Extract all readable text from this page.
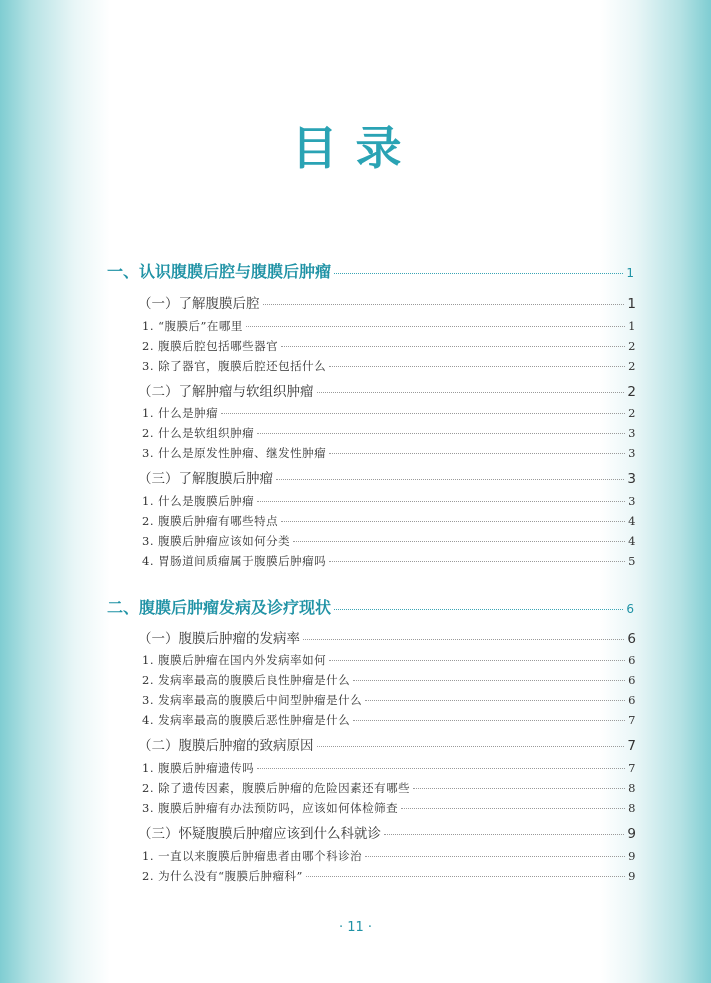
目录
一、认识腹膜后腔与腹膜后肿瘤	1
（一）了解腹膜后腔	1
1. “腹膜后”在哪里	1
2. 腹膜后腔包括哪些器官	2
3. 除了器官，腹膜后腔还包括什么	2
（二）了解肿瘤与软组织肿瘤	2
1. 什么是肿瘤	2
2. 什么是软组织肿瘤	3
3. 什么是原发性肿瘤、继发性肿瘤	3
（三）了解腹膜后肿瘤	3
1. 什么是腹膜后肿瘤	3
2. 腹膜后肿瘤有哪些特点	4
3. 腹膜后肿瘤应该如何分类	4
4. 胃肠道间质瘤属于腹膜后肿瘤吗	5
二、腹膜后肿瘤发病及诊疗现状	6
（一）腹膜后肿瘤的发病率	6
1. 腹膜后肿瘤在国内外发病率如何	6
2. 发病率最高的腹膜后良性肿瘤是什么	6
3. 发病率最高的腹膜后中间型肿瘤是什么	6
4. 发病率最高的腹膜后恶性肿瘤是什么	7
（二）腹膜后肿瘤的致病原因	7
1. 腹膜后肿瘤遗传吗	7
2. 除了遗传因素，腹膜后肿瘤的危险因素还有哪些	8
3. 腹膜后肿瘤有办法预防吗，应该如何体检筛查	8
（三）怀疑腹膜后肿瘤应该到什么科就诊	9
1. 一直以来腹膜后肿瘤患者由哪个科诊治	9
2. 为什么没有“腹膜后肿瘤科”	9
· 11 ·
